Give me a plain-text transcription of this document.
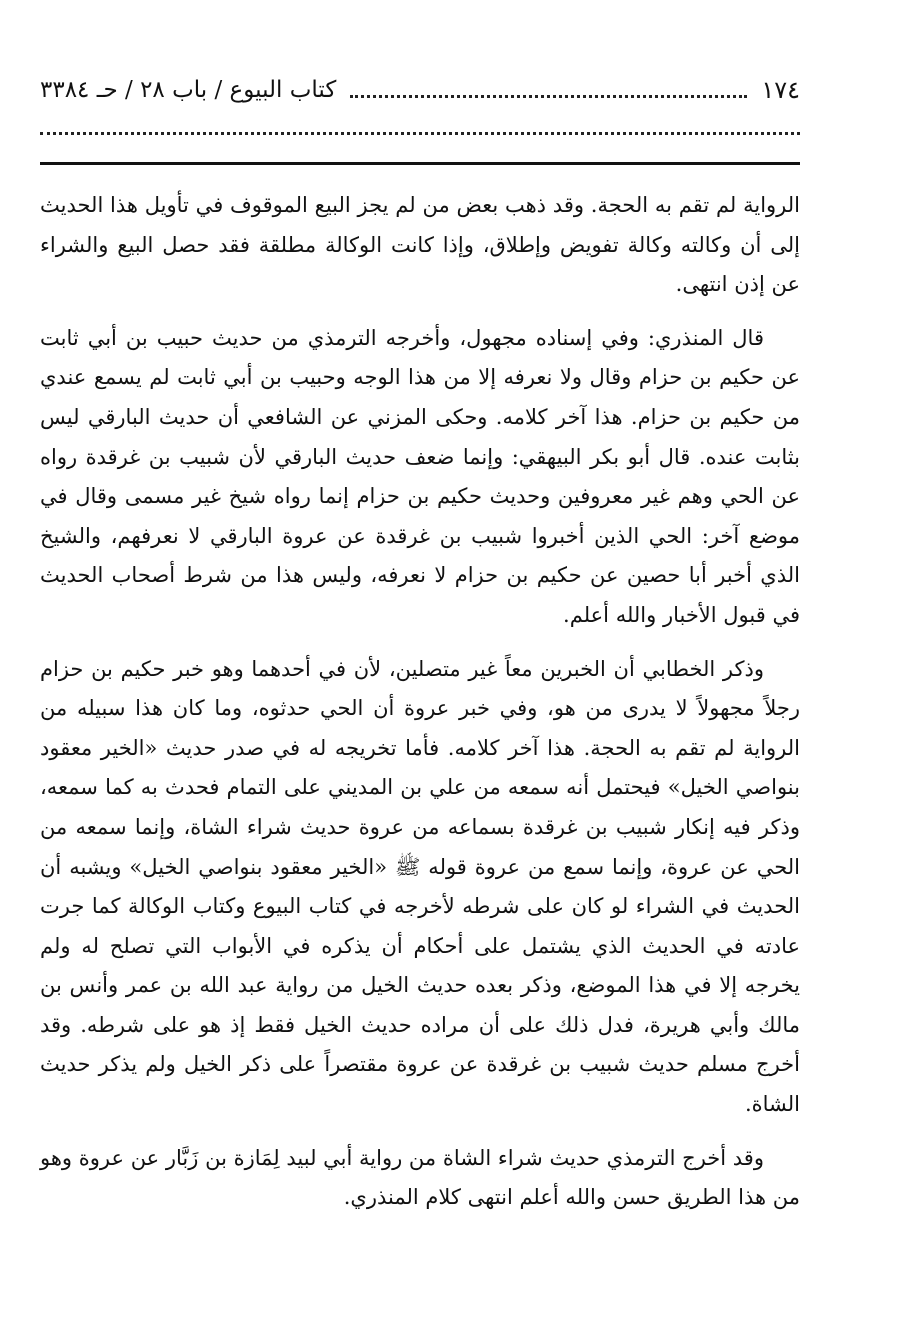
١٧٤
كتاب البيوع / باب ٢٨ / حـ ٣٣٨٤

الرواية لم تقم به الحجة. وقد ذهب بعض من لم يجز البيع الموقوف في تأويل هذا الحديث إلى أن وكالته وكالة تفويض وإطلاق، وإذا كانت الوكالة مطلقة فقد حصل البيع والشراء عن إذن انتهى.

قال المنذري: وفي إسناده مجهول، وأخرجه الترمذي من حديث حبيب بن أبي ثابت عن حكيم بن حزام وقال ولا نعرفه إلا من هذا الوجه وحبيب بن أبي ثابت لم يسمع عندي من حكيم بن حزام. هذا آخر كلامه. وحكى المزني عن الشافعي أن حديث البارقي ليس بثابت عنده. قال أبو بكر البيهقي: وإنما ضعف حديث البارقي لأن شبيب بن غرقدة رواه عن الحي وهم غير معروفين وحديث حكيم بن حزام إنما رواه شيخ غير مسمى وقال في موضع آخر: الحي الذين أخبروا شبيب بن غرقدة عن عروة البارقي لا نعرفهم، والشيخ الذي أخبر أبا حصين عن حكيم بن حزام لا نعرفه، وليس هذا من شرط أصحاب الحديث في قبول الأخبار والله أعلم.

وذكر الخطابي أن الخبرين معاً غير متصلين، لأن في أحدهما وهو خبر حكيم بن حزام رجلاً مجهولاً لا يدرى من هو، وفي خبر عروة أن الحي حدثوه، وما كان هذا سبيله من الرواية لم تقم به الحجة. هذا آخر كلامه. فأما تخريجه له في صدر حديث «الخير معقود بنواصي الخيل» فيحتمل أنه سمعه من علي بن المديني على التمام فحدث به كما سمعه، وذكر فيه إنكار شبيب بن غرقدة بسماعه من عروة حديث شراء الشاة، وإنما سمعه من الحي عن عروة، وإنما سمع من عروة قوله ﷺ «الخير معقود بنواصي الخيل» ويشبه أن الحديث في الشراء لو كان على شرطه لأخرجه في كتاب البيوع وكتاب الوكالة كما جرت عادته في الحديث الذي يشتمل على أحكام أن يذكره في الأبواب التي تصلح له ولم يخرجه إلا في هذا الموضع، وذكر بعده حديث الخيل من رواية عبد الله بن عمر وأنس بن مالك وأبي هريرة، فدل ذلك على أن مراده حديث الخيل فقط إذ هو على شرطه. وقد أخرج مسلم حديث شبيب بن غرقدة عن عروة مقتصراً على ذكر الخيل ولم يذكر حديث الشاة.

وقد أخرج الترمذي حديث شراء الشاة من رواية أبي لبيد لِمَازة بن زَبَّار عن عروة وهو من هذا الطريق حسن والله أعلم انتهى كلام المنذري.
